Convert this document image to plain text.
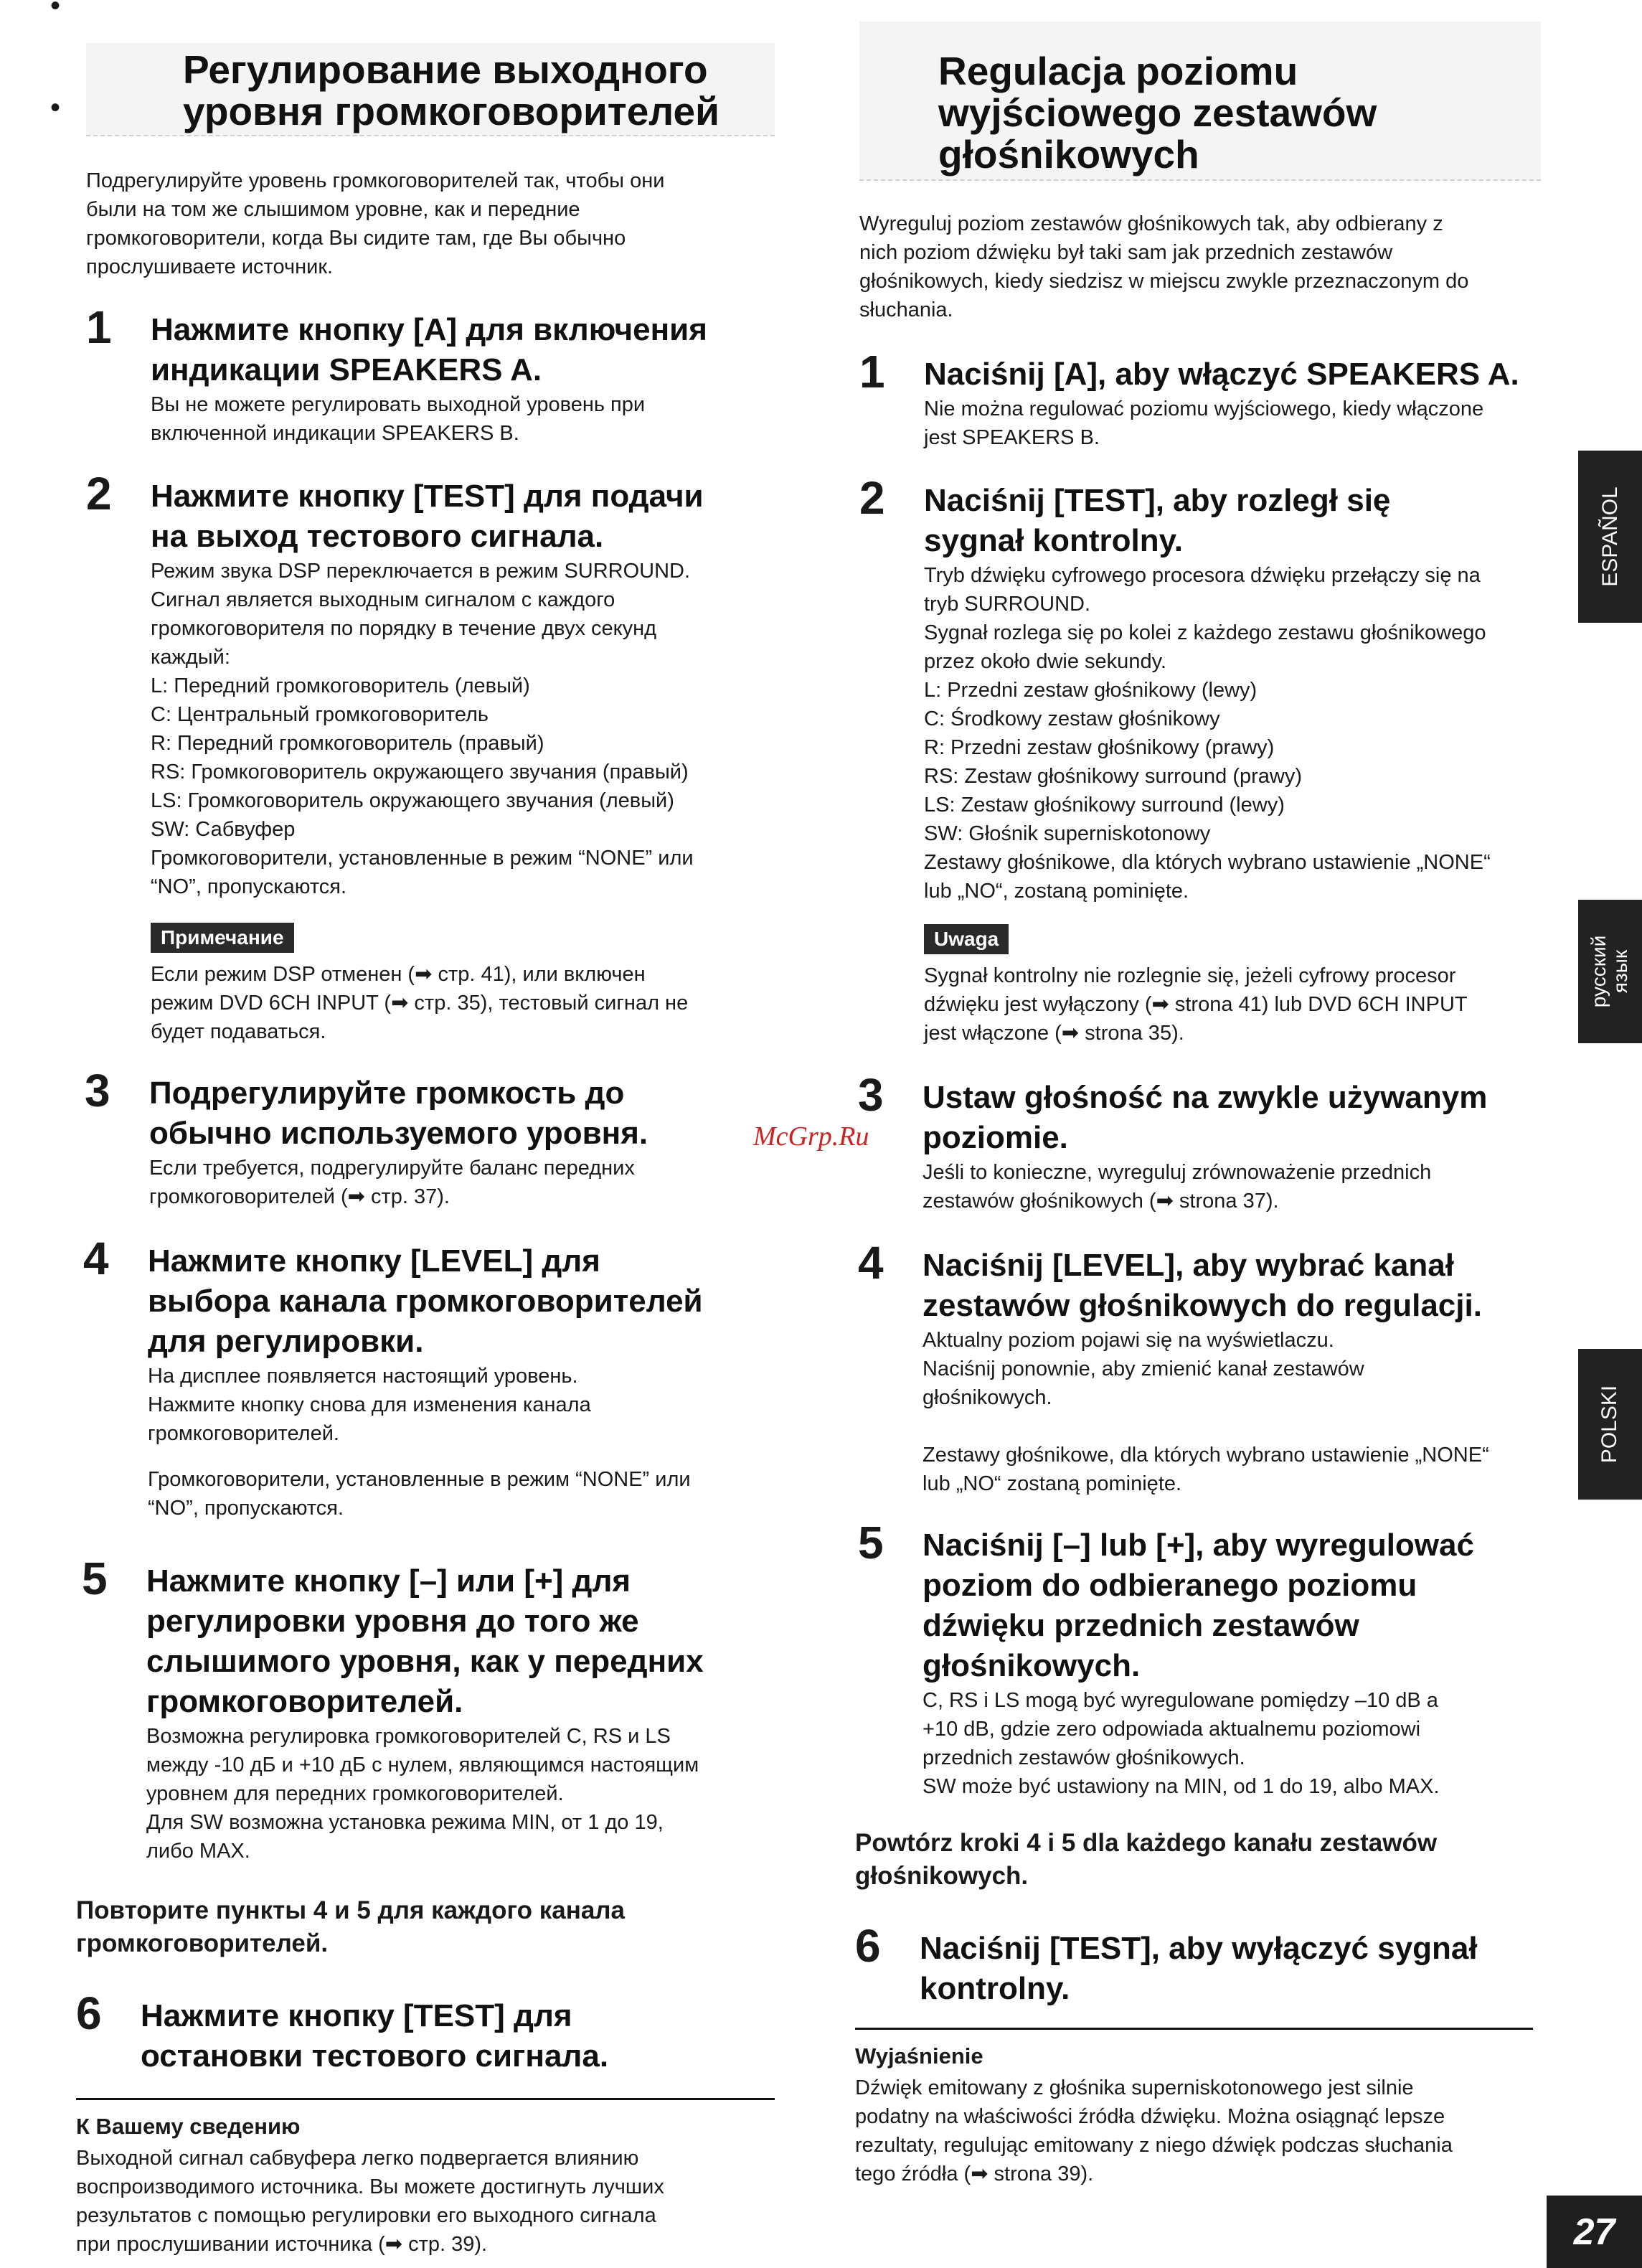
•
•
Регулирование выходного
уровня громкоговорителей
Подрегулируйте уровень громкоговорителей так, чтобы они
были на том же слышимом уровне, как и передние
громкоговорители, когда Вы сидите там, где Вы обычно
прослушиваете источник.
1 Нажмите кнопку [A] для включения
индикации SPEAKERS A.
Вы не можете регулировать выходной уровень при
включенной индикации SPEAKERS B.
2 Нажмите кнопку [TEST] для подачи
на выход тестового сигнала.
Режим звука DSP переключается в режим SURROUND.
Сигнал является выходным сигналом с каждого
громкоговорителя по порядку в течение двух секунд
каждый:
L: Передний громкоговоритель (левый)
C: Центральный громкоговоритель
R: Передний громкоговоритель (правый)
RS: Громкоговоритель окружающего звучания (правый)
LS: Громкоговоритель окружающего звучания (левый)
SW: Сабвуфер
Громкоговорители, установленные в режим “NONE” или
“NO”, пропускаются.
Примечание
Если режим DSP отменен (➡ стр. 41), или включен
режим DVD 6CH INPUT (➡ стр. 35), тестовый сигнал не
будет подаваться.
3 Подрегулируйте громкость до
обычно используемого уровня.
Если требуется, подрегулируйте баланс передних
громкоговорителей (➡ стр. 37).
4 Нажмите кнопку [LEVEL] для
выбора канала громкоговорителей
для регулировки.
На дисплее появляется настоящий уровень.
Нажмите кнопку снова для изменения канала
громкоговорителей.
Громкоговорители, установленные в режим “NONE” или
“NO”, пропускаются.
5 Нажмите кнопку [–] или [+] для
регулировки уровня до того же
слышимого уровня, как у передних
громкоговорителей.
Возможна регулировка громкоговорителей C, RS и LS
между -10 дБ и +10 дБ с нулем, являющимся настоящим
уровнем для передних громкоговорителей.
Для SW возможна установка режима MIN, от 1 до 19,
либо MAX.
Повторите пункты 4 и 5 для каждого канала
громкоговорителей.
6 Нажмите кнопку [TEST] для
остановки тестового сигнала.
К Вашему сведению
Выходной сигнал сабвуфера легко подвергается влиянию
воспроизводимого источника. Вы можете достигнуть лучших
результатов с помощью регулировки его выходного сигнала
при прослушивании источника (➡ стр. 39).
Regulacja poziomu
wyjściowego zestawów
głośnikowych
Wyreguluj poziom zestawów głośnikowych tak, aby odbierany z
nich poziom dźwięku był taki sam jak przednich zestawów
głośnikowych, kiedy siedzisz w miejscu zwykle przeznaczonym do
słuchania.
1 Naciśnij [A], aby włączyć SPEAKERS A.
Nie można regulować poziomu wyjściowego, kiedy włączone
jest SPEAKERS B.
2 Naciśnij [TEST], aby rozległ się
sygnał kontrolny.
Tryb dźwięku cyfrowego procesora dźwięku przełączy się na
tryb SURROUND.
Sygnał rozlega się po kolei z każdego zestawu głośnikowego
przez około dwie sekundy.
L: Przedni zestaw głośnikowy (lewy)
C: Środkowy zestaw głośnikowy
R: Przedni zestaw głośnikowy (prawy)
RS: Zestaw głośnikowy surround (prawy)
LS: Zestaw głośnikowy surround (lewy)
SW: Głośnik superniskotonowy
Zestawy głośnikowe, dla których wybrano ustawienie „NONE“
lub „NO“, zostaną pominięte.
Uwaga
Sygnał kontrolny nie rozlegnie się, jeżeli cyfrowy procesor
dźwięku jest wyłączony (➡ strona 41) lub DVD 6CH INPUT
jest włączone (➡ strona 35).
3 Ustaw głośność na zwykle używanym
poziomie.
Jeśli to konieczne, wyreguluj zrównoważenie przednich
zestawów głośnikowych (➡ strona 37).
4 Naciśnij [LEVEL], aby wybrać kanał
zestawów głośnikowych do regulacji.
Aktualny poziom pojawi się na wyświetlaczu.
Naciśnij ponownie, aby zmienić kanał zestawów
głośnikowych.
Zestawy głośnikowe, dla których wybrano ustawienie „NONE“
lub „NO“ zostaną pominięte.
5 Naciśnij [–] lub [+], aby wyregulować
poziom do odbieranego poziomu
dźwięku przednich zestawów
głośnikowych.
C, RS i LS mogą być wyregulowane pomiędzy –10 dB a
+10 dB, gdzie zero odpowiada aktualnemu poziomowi
przednich zestawów głośnikowych.
SW może być ustawiony na MIN, od 1 do 19, albo MAX.
Powtórz kroki 4 i 5 dla każdego kanału zestawów
głośnikowych.
6 Naciśnij [TEST], aby wyłączyć sygnał
kontrolny.
Wyjaśnienie
Dźwięk emitowany z głośnika superniskotonowego jest silnie
podatny na właściwości źródła dźwięku. Można osiągnąć lepsze
rezultaty, regulując emitowany z niego dźwięk podczas słuchania
tego źródła (➡ strona 39).
McGrp.Ru
ESPAÑOL
русский язык
POLSKI
27
